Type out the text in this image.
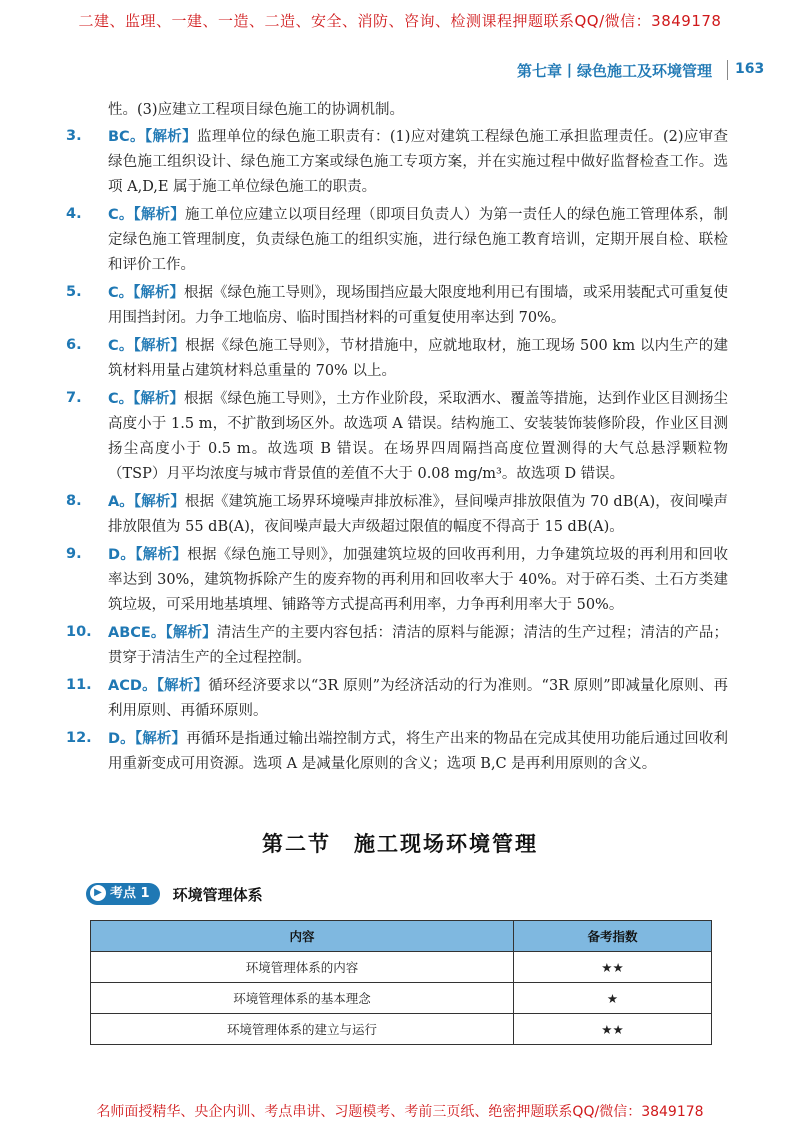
二建、监理、一建、一造、二造、安全、消防、咨询、检测课程押题联系QQ/微信：3849178
第七章丨绿色施工及环境管理 163
性。(3)应建立工程项目绿色施工的协调机制。
3. BC。【解析】监理单位的绿色施工职责有：(1)应对建筑工程绿色施工承担监理责任。(2)应审查绿色施工组织设计、绿色施工方案或绿色施工专项方案，并在实施过程中做好监督检查工作。选项 A,D,E 属于施工单位绿色施工的职责。
4. C。【解析】施工单位应建立以项目经理（即项目负责人）为第一责任人的绿色施工管理体系，制定绿色施工管理制度，负责绿色施工的组织实施，进行绿色施工教育培训，定期开展自检、联检和评价工作。
5. C。【解析】根据《绿色施工导则》，现场围挡应最大限度地利用已有围墙，或采用装配式可重复使用围挡封闭。力争工地临房、临时围挡材料的可重复使用率达到 70%。
6. C。【解析】根据《绿色施工导则》，节材措施中，应就地取材，施工现场 500 km 以内生产的建筑材料用量占建筑材料总重量的 70% 以上。
7. C。【解析】根据《绿色施工导则》，土方作业阶段，采取洒水、覆盖等措施，达到作业区目测扬尘高度小于 1.5 m，不扩散到场区外。故选项 A 错误。结构施工、安装装饰装修阶段，作业区目测扬尘高度小于 0.5 m。故选项 B 错误。在场界四周隔挡高度位置测得的大气总悬浮颗粒物（TSP）月平均浓度与城市背景值的差值不大于 0.08 mg/m³。故选项 D 错误。
8. A。【解析】根据《建筑施工场界环境噪声排放标准》，昼间噪声排放限值为 70 dB(A)，夜间噪声排放限值为 55 dB(A)，夜间噪声最大声级超过限值的幅度不得高于 15 dB(A)。
9. D。【解析】根据《绿色施工导则》，加强建筑垃圾的回收再利用，力争建筑垃圾的再利用和回收率达到 30%，建筑物拆除产生的废弃物的再利用和回收率大于 40%。对于碎石类、土石方类建筑垃圾，可采用地基填埋、铺路等方式提高再利用率，力争再利用率大于 50%。
10. ABCE。【解析】清洁生产的主要内容包括：清洁的原料与能源；清洁的生产过程；清洁的产品；贯穿于清洁生产的全过程控制。
11. ACD。【解析】循环经济要求以“3R 原则”为经济活动的行为准则。“3R 原则”即减量化原则、再利用原则、再循环原则。
12. D。【解析】再循环是指通过输出端控制方式，将生产出来的物品在完成其使用功能后通过回收利用重新变成可用资源。选项 A 是减量化原则的含义；选项 B,C 是再利用原则的含义。
第二节　施工现场环境管理
▶ 考点 1 环境管理体系
内容	备考指数
环境管理体系的内容	★★
环境管理体系的基本理念	★
环境管理体系的建立与运行	★★
名师面授精华、央企内训、考点串讲、习题模考、考前三页纸、绝密押题联系QQ/微信：3849178
